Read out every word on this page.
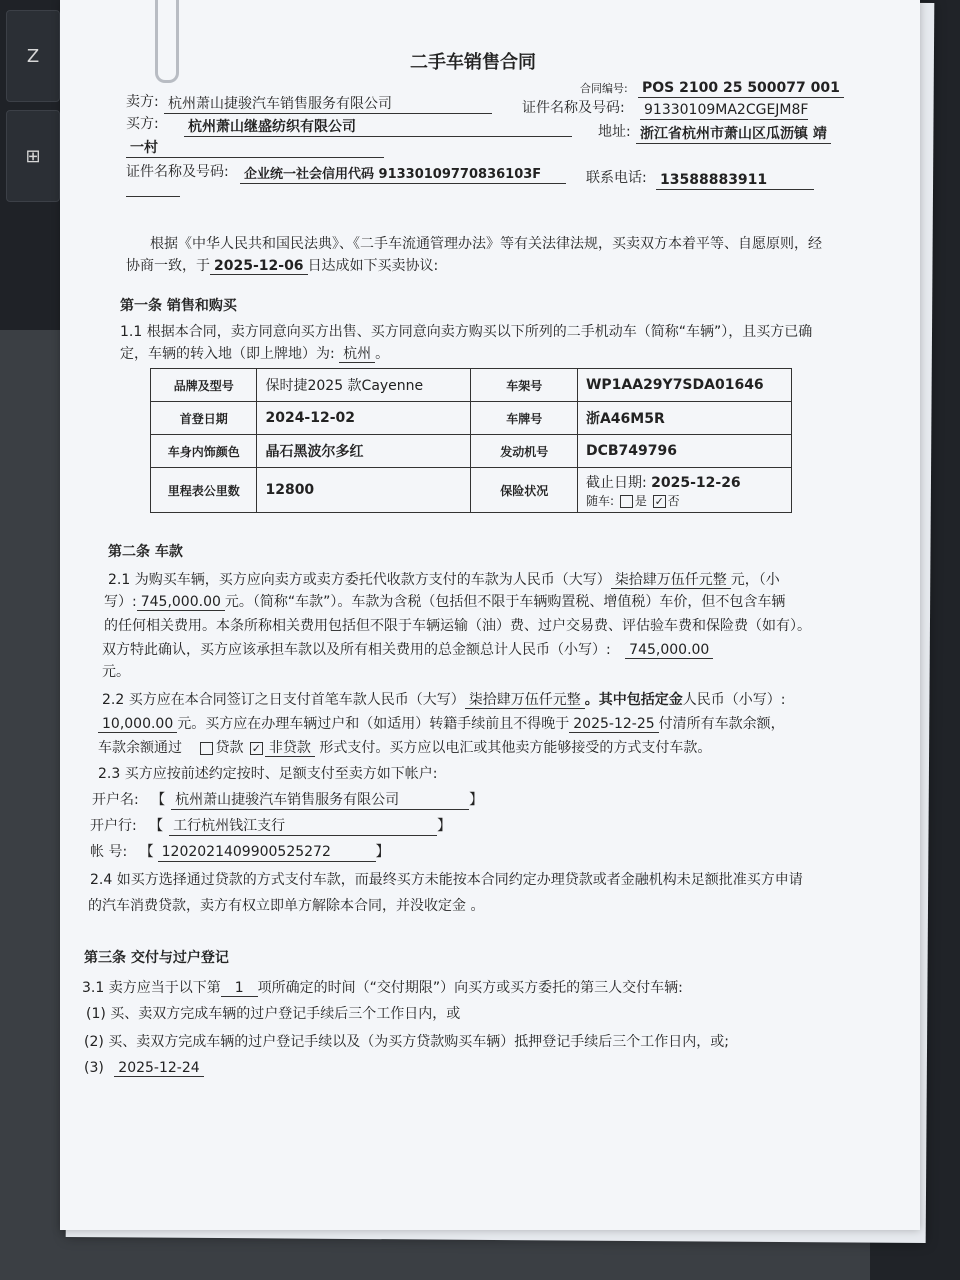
Z
⊞
二手车销售合同
合同编号: POS 2100 25 500077 001
卖方: 杭州萧山捷骏汽车销售服务有限公司	证件名称及号码: 91330109MA2CGEJM8F
买方: 杭州萧山继盛纺织有限公司	地址: 浙江省杭州市萧山区瓜沥镇 靖
一村
证件名称及号码:	企业统一社会信用代码 91330109770836103F	联系电话: 13588883911
根据《中华人民共和国民法典》、《二手车流通管理办法》等有关法律法规，买卖双方本着平等、自愿原则，经
协商一致，于 2025-12-06 日达成如下买卖协议:
第一条 销售和购买
1.1 根据本合同，卖方同意向买方出售、买方同意向卖方购买以下所列的二手机动车（简称“车辆”），且买方已确
定，车辆的转入地（即上牌地）为: 杭州 。
品牌及型号	保时捷2025 款Cayenne	车架号	WP1AA29Y7SDA01646
首登日期	2024-12-02	车牌号	浙A46M5R
车身内饰颜色	晶石黑波尔多红	发动机号	DCB749796
里程表公里数	12800	保险状况	截止日期: 2025-12-26
随车: 是 ✓ 否
第二条 车款
2.1 为购买车辆，买方应向卖方或卖方委托代收款方支付的车款为人民币（大写） 柒拾肆万伍仟元整 元，（小
写）: 745,000.00 元。（简称“车款”）。车款为含税（包括但不限于车辆购置税、增值税）车价，但不包含车辆
的任何相关费用。本条所称相关费用包括但不限于车辆运输（油）费、过户交易费、评估验车费和保险费（如有）。
双方特此确认，买方应该承担车款以及所有相关费用的总金额总计人民币（小写）: 745,000.00
元。
2.2 买方应在本合同签订之日支付首笔车款人民币（大写） 柒拾肆万伍仟元整 。其中包括定金人民币（小写）:
10,000.00 元。买方应在办理车辆过户和（如适用）转籍手续前且不得晚于 2025-12-25 付清所有车款余额，
车款余额通过 贷款 ✓ 非贷款 形式支付。买方应以电汇或其他卖方能够接受的方式支付车款。
2.3 买方应按前述约定按时、足额支付至卖方如下帐户:
开户名: 【 杭州萧山捷骏汽车销售服务有限公司	】
开户行: 【 工行杭州钱江支行	】
帐 号: 【 1202021409900525272	】
2.4 如买方选择通过贷款的方式支付车款，而最终买方未能按本合同约定办理贷款或者金融机构未足额批准买方申请
的汽车消费贷款，卖方有权立即单方解除本合同，并没收定金 。
第三条 交付与过户登记
3.1 卖方应当于以下第 1 项所确定的时间（“交付期限”）向买方或买方委托的第三人交付车辆:
(1) 买、卖双方完成车辆的过户登记手续后三个工作日内，或
(2) 买、卖双方完成车辆的过户登记手续以及（为买方贷款购买车辆）抵押登记手续后三个工作日内，或;
(3) 2025-12-24
